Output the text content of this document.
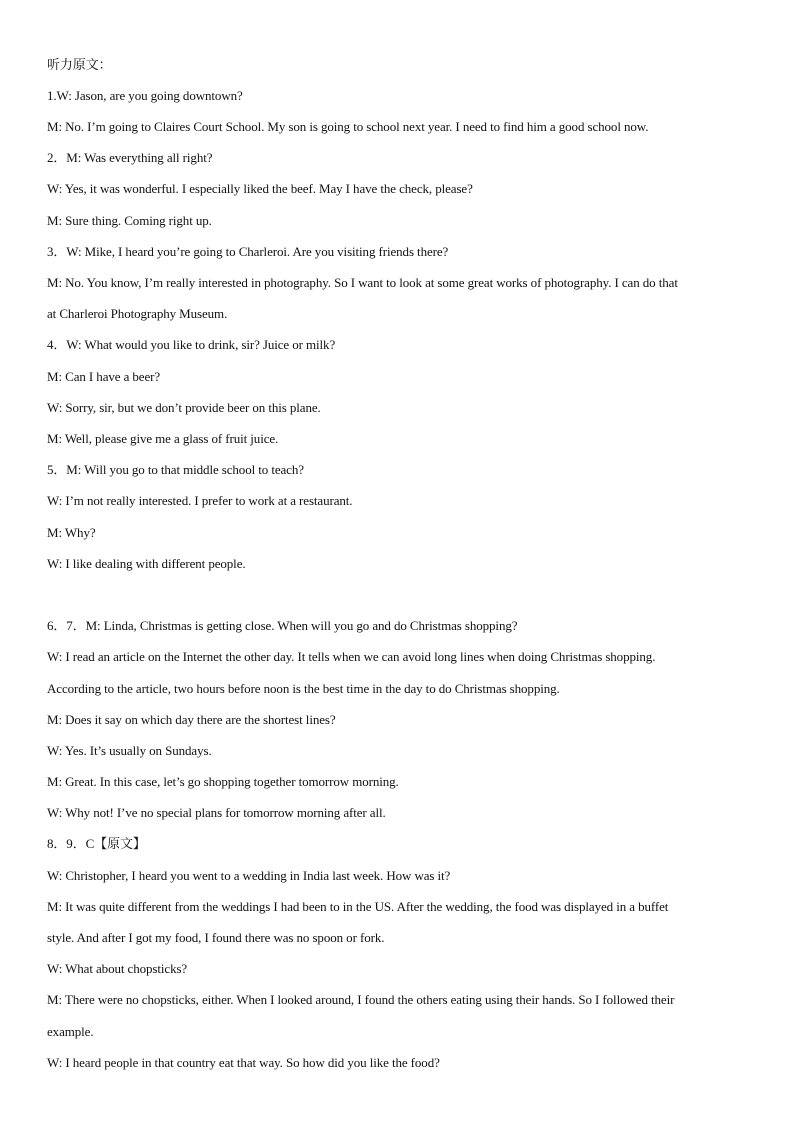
听力原文：
1.W: Jason, are you going downtown?
M: No. I’m going to Claires Court School. My son is going to school next year. I need to find him a good school now.
2．M: Was everything all right?
W: Yes, it was wonderful. I especially liked the beef. May I have the check, please?
M: Sure thing. Coming right up.
3．W: Mike, I heard you’re going to Charleroi. Are you visiting friends there?
M: No. You know, I’m really interested in photography. So I want to look at some great works of photography. I can do that
at Charleroi Photography Museum.
4．W: What would you like to drink, sir? Juice or milk?
M: Can I have a beer?
W: Sorry, sir, but we don’t provide beer on this plane.
M: Well, please give me a glass of fruit juice.
5．M: Will you go to that middle school to teach?
W: I’m not really interested. I prefer to work at a restaurant.
M: Why?
W: I like dealing with different people.
6．7．M: Linda, Christmas is getting close. When will you go and do Christmas shopping?
W: I read an article on the Internet the other day. It tells when we can avoid long lines when doing Christmas shopping.
According to the article, two hours before noon is the best time in the day to do Christmas shopping.
M: Does it say on which day there are the shortest lines?
W: Yes. It’s usually on Sundays.
M: Great. In this case, let’s go shopping together tomorrow morning.
W: Why not! I’ve no special plans for tomorrow morning after all.
8．9．C【原文】
W: Christopher, I heard you went to a wedding in India last week. How was it?
M: It was quite different from the weddings I had been to in the US. After the wedding, the food was displayed in a buffet
style. And after I got my food, I found there was no spoon or fork.
W: What about chopsticks?
M: There were no chopsticks, either. When I looked around, I found the others eating using their hands. So I followed their
example.
W: I heard people in that country eat that way. So how did you like the food?
